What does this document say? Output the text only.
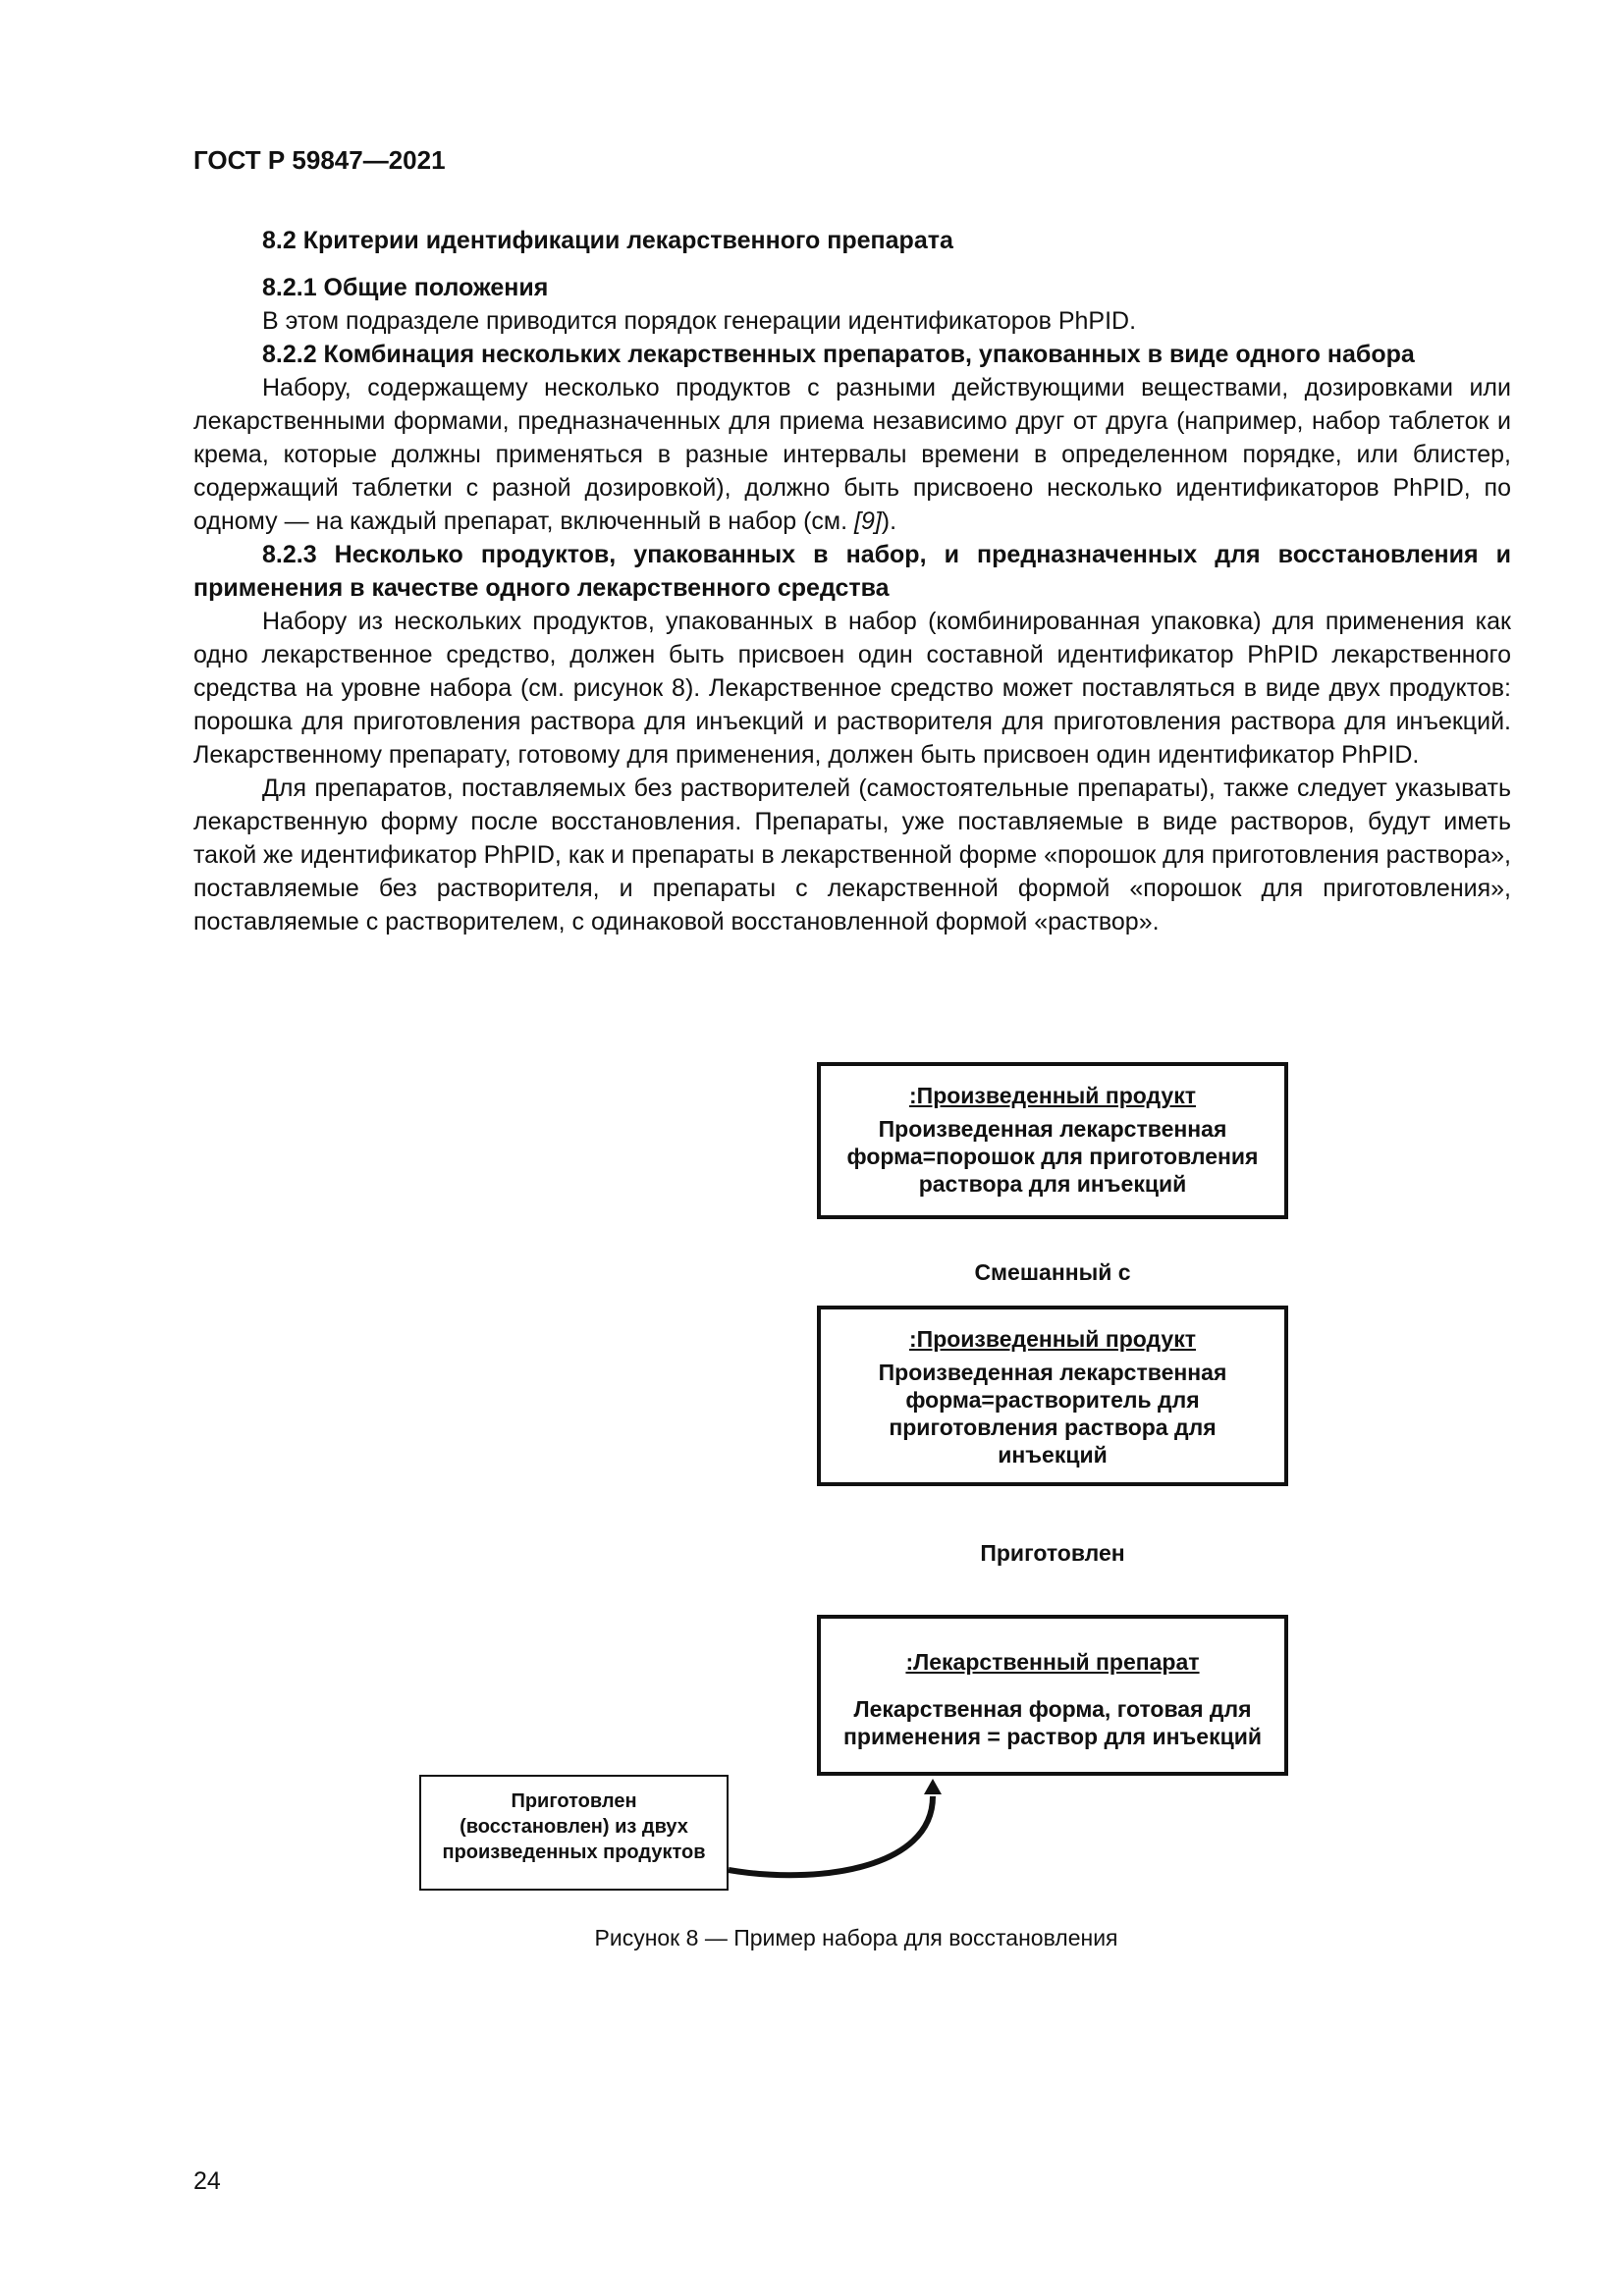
ГОСТ Р 59847—2021

8.2 Критерии идентификации лекарственного препарата

8.2.1 Общие положения

В этом подразделе приводится порядок генерации идентификаторов PhPID.

8.2.2 Комбинация нескольких лекарственных препаратов, упакованных в виде одного набора

Набору, содержащему несколько продуктов с разными действующими веществами, дозировками или лекарственными формами, предназначенных для приема независимо друг от друга (например, набор таблеток и крема, которые должны применяться в разные интервалы времени в определенном порядке, или блистер, содержащий таблетки с разной дозировкой), должно быть присвоено несколько идентификаторов PhPID, по одному — на каждый препарат, включенный в набор (см. [9]).

8.2.3 Несколько продуктов, упакованных в набор, и предназначенных для восстановления и применения в качестве одного лекарственного средства

Набору из нескольких продуктов, упакованных в набор (комбинированная упаковка) для применения как одно лекарственное средство, должен быть присвоен один составной идентификатор PhPID лекарственного средства на уровне набора (см. рисунок 8). Лекарственное средство может поставляться в виде двух продуктов: порошка для приготовления раствора для инъекций и растворителя для приготовления раствора для инъекций. Лекарственному препарату, готовому для применения, должен быть присвоен один идентификатор PhPID.

Для препаратов, поставляемых без растворителей (самостоятельные препараты), также следует указывать лекарственную форму после восстановления. Препараты, уже поставляемые в виде растворов, будут иметь такой же идентификатор PhPID, как и препараты в лекарственной форме «порошок для приготовления раствора», поставляемые без растворителя, и препараты с лекарственной формой «порошок для приготовления», поставляемые с растворителем, с одинаковой восстановленной формой «раствор».

:Произведенный продукт
Произведенная лекарственная форма=порошок для приготовления раствора для инъекций
Смешанный с
:Произведенный продукт
Произведенная лекарственная форма=растворитель для приготовления раствора для инъекций
Приготовлен
:Лекарственный препарат
Лекарственная форма, готовая для применения = раствор для инъекций
Приготовлен (восстановлен) из двух произведенных продуктов
Рисунок 8 — Пример набора для восстановления
24
